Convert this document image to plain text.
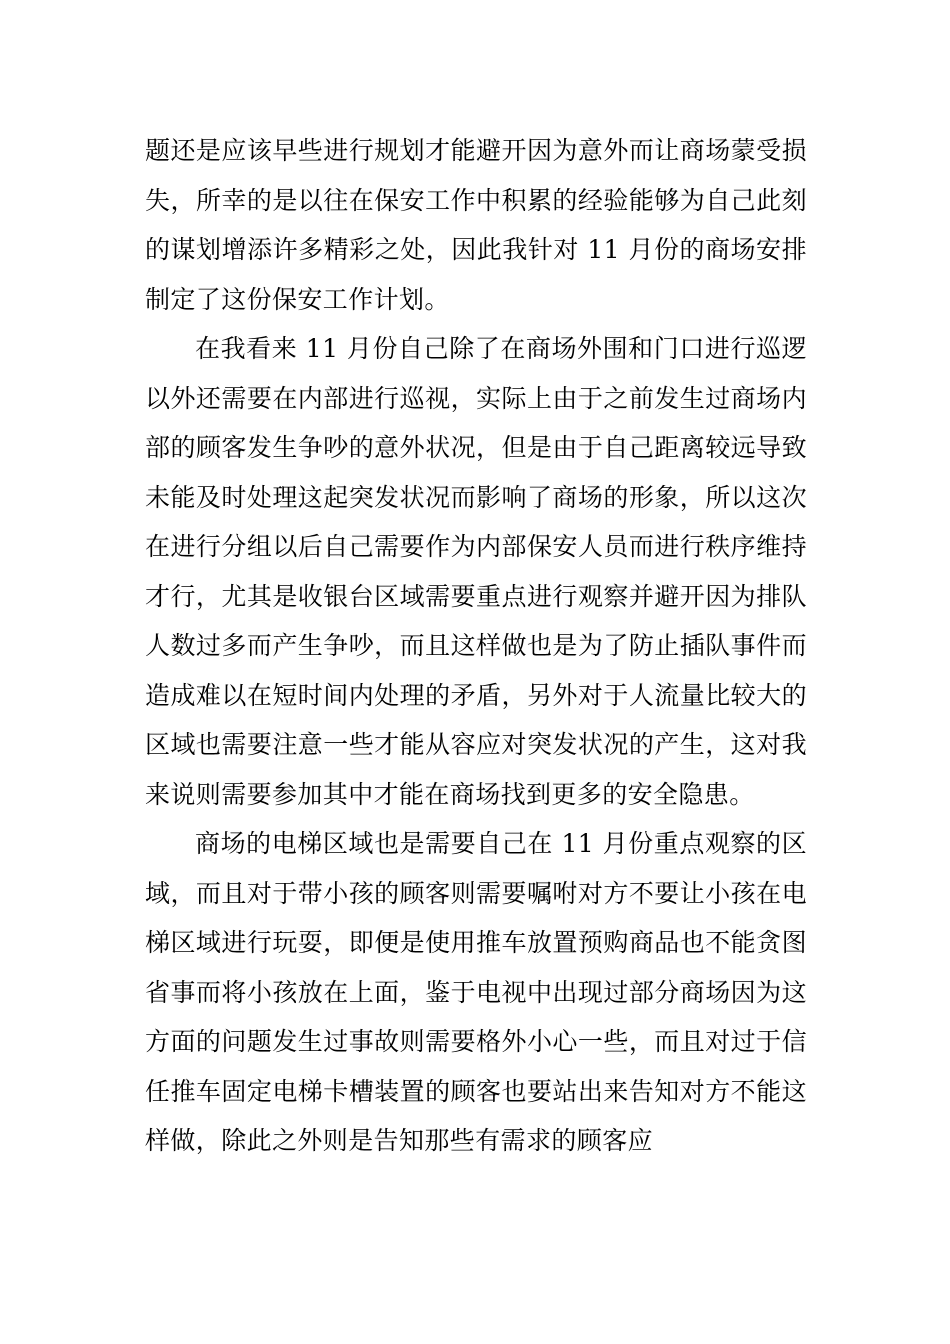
题还是应该早些进行规划才能避开因为意外而让商场蒙受损失，所幸的是以往在保安工作中积累的经验能够为自己此刻的谋划增添许多精彩之处，因此我针对 11 月份的商场安排制定了这份保安工作计划。

在我看来 11 月份自己除了在商场外围和门口进行巡逻以外还需要在内部进行巡视，实际上由于之前发生过商场内部的顾客发生争吵的意外状况，但是由于自己距离较远导致未能及时处理这起突发状况而影响了商场的形象，所以这次在进行分组以后自己需要作为内部保安人员而进行秩序维持才行，尤其是收银台区域需要重点进行观察并避开因为排队人数过多而产生争吵，而且这样做也是为了防止插队事件而造成难以在短时间内处理的矛盾，另外对于人流量比较大的区域也需要注意一些才能从容应对突发状况的产生，这对我来说则需要参加其中才能在商场找到更多的安全隐患。

商场的电梯区域也是需要自己在 11 月份重点观察的区域，而且对于带小孩的顾客则需要嘱咐对方不要让小孩在电梯区域进行玩耍，即便是使用推车放置预购商品也不能贪图省事而将小孩放在上面，鉴于电视中出现过部分商场因为这方面的问题发生过事故则需要格外小心一些，而且对过于信任推车固定电梯卡槽装置的顾客也要站出来告知对方不能这样做，除此之外则是告知那些有需求的顾客应
